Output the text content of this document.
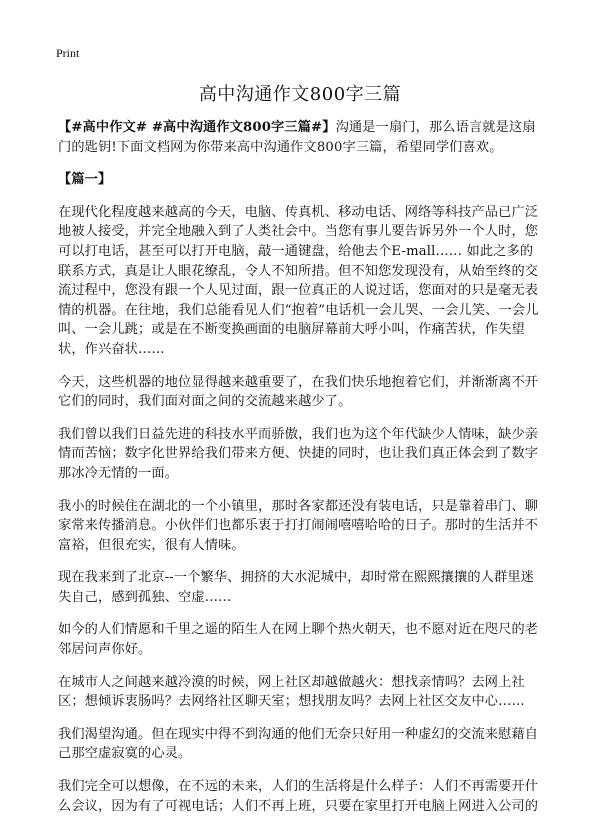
Print
高中沟通作文800字三篇

【#高中作文# #高中沟通作文800字三篇#】沟通是一扇门，那么语言就是这扇门的匙钥!下面文档网为你带来高中沟通作文800字三篇，希望同学们喜欢。

【篇一】

在现代化程度越来越高的今天，电脑、传真机、移动电话、网络等科技产品已广泛地被人接受，并完全地融入到了人类社会中。当您有事儿要告诉另外一个人时，您可以打电话，甚至可以打开电脑，敲一通键盘，给他去个E-mall…… 如此之多的联系方式，真是让人眼花缭乱，令人不知所措。但不知您发现没有，从始至终的交流过程中，您没有跟一个人见过面，跟一位真正的人说过话，您面对的只是毫无表情的机器。在往地，我们总能看见人们“抱着”电话机一会儿哭、一会儿笑、一会儿叫、一会儿跳；或是在不断变换画面的电脑屏幕前大呼小叫，作痛苦状，作失望状，作兴奋状……

今天，这些机器的地位显得越来越重要了，在我们快乐地抱着它们，并渐渐离不开它们的同时，我们面对面之间的交流越来越少了。

我们曾以我们日益先进的科技水平而骄傲，我们也为这个年代缺少人情味，缺少亲情而苦恼；数字化世界给我们带来方便、快捷的同时，也让我们真正体会到了数字那冰冷无情的一面。

我小的时候住在湖北的一个小镇里，那时各家都还没有装电话，只是靠着串门、聊家常来传播消息。小伙伴们也都乐衷于打打闹闹嘻嘻哈哈的日子。那时的生活并不富裕，但很充实，很有人情味。

现在我来到了北京--一个繁华、拥挤的大水泥城中，却时常在熙熙攘攘的人群里迷失自己，感到孤独、空虚……

如今的人们情愿和千里之遥的陌生人在网上聊个热火朝天，也不愿对近在咫尺的老邻居问声你好。

在城市人之间越来越冷漠的时候，网上社区却越做越火：想找亲情吗？去网上社区；想倾诉衷肠吗？去网络社区聊天室；想找朋友吗？去网上社区交友中心……

我们渴望沟通。但在现实中得不到沟通的他们无奈只好用一种虚幻的交流来慰藉自己那空虚寂寞的心灵。

我们完全可以想像，在不远的未来，人们的生活将是什么样子：人们不再需要开什么会议，因为有了可视电话；人们不再上班，只要在家里打开电脑上网进入公司的
